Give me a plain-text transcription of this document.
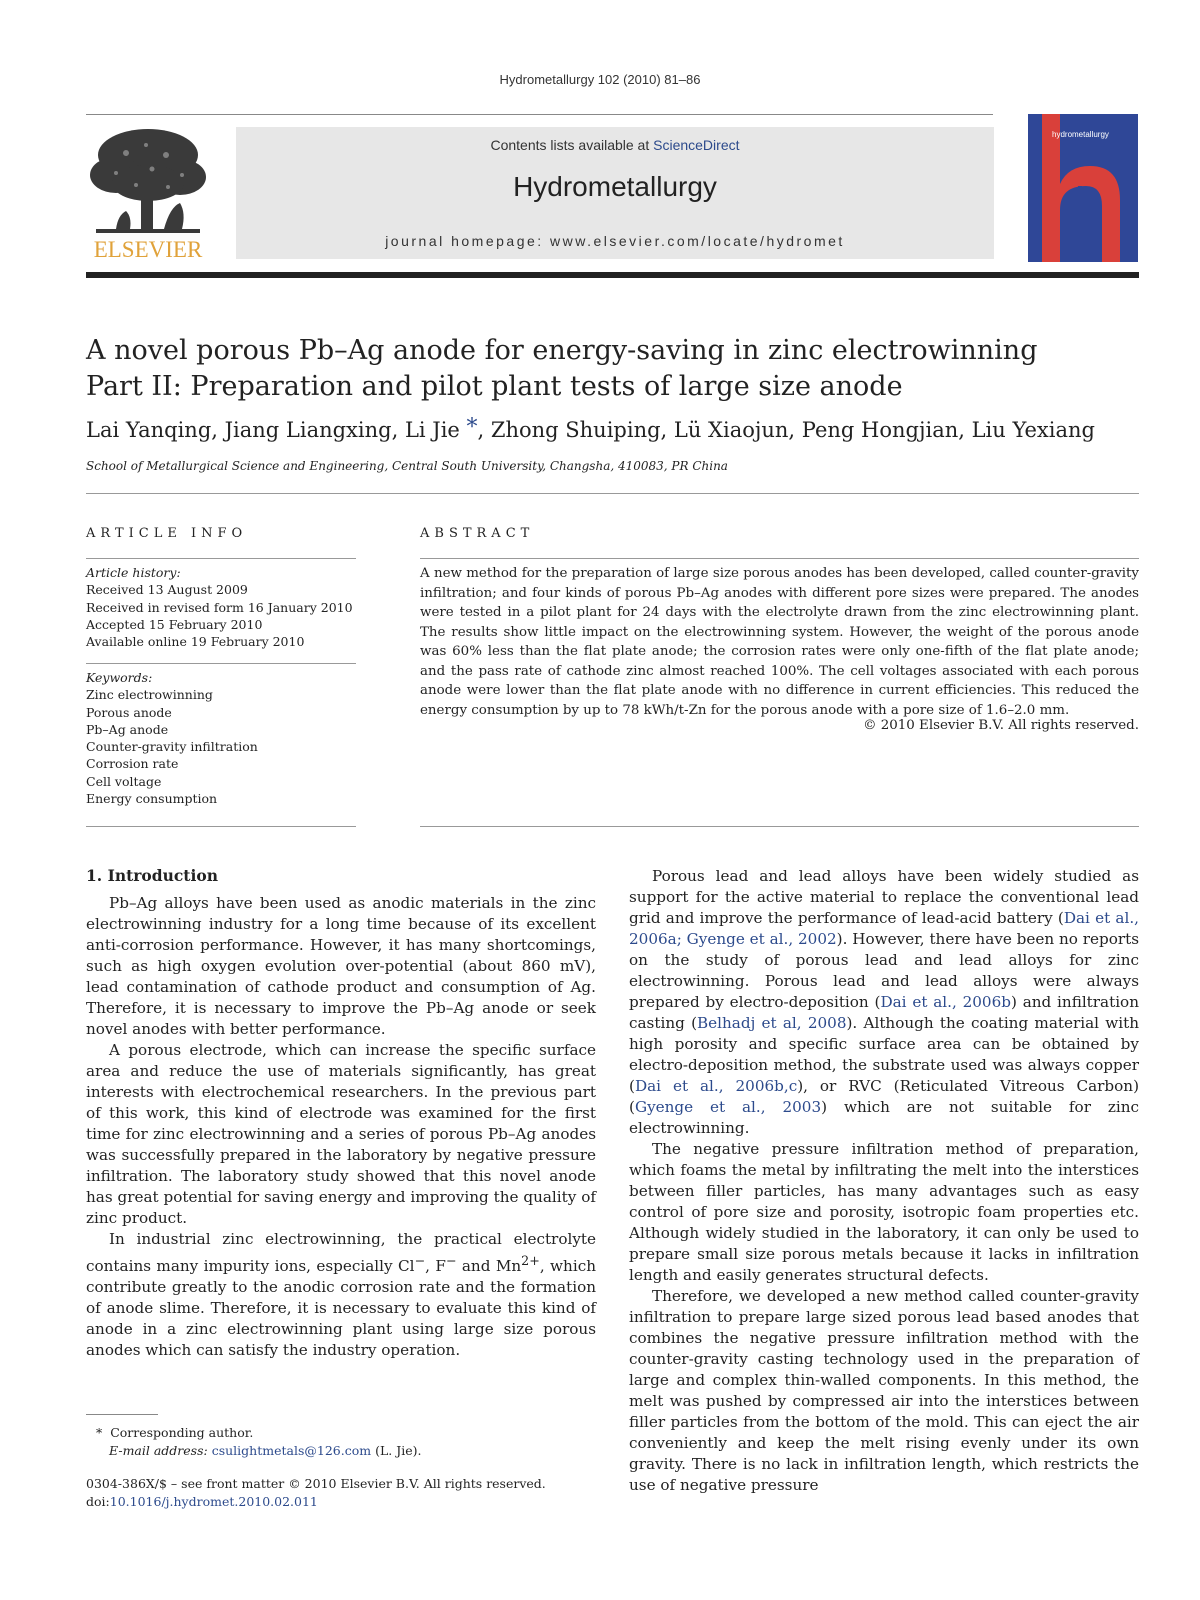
Hydrometallurgy 102 (2010) 81–86
ELSEVIER
Contents lists available at ScienceDirect
Hydrometallurgy
journal homepage: www.elsevier.com/locate/hydromet
hydrometallurgy
A novel porous Pb–Ag anode for energy-saving in zinc electrowinning
Part II: Preparation and pilot plant tests of large size anode
Lai Yanqing, Jiang Liangxing, Li Jie *, Zhong Shuiping, Lü Xiaojun, Peng Hongjian, Liu Yexiang
School of Metallurgical Science and Engineering, Central South University, Changsha, 410083, PR China
ARTICLE INFO	ABSTRACT
Article history:
Received 13 August 2009
Received in revised form 16 January 2010
Accepted 15 February 2010
Available online 19 February 2010
Keywords:
Zinc electrowinning
Porous anode
Pb–Ag anode
Counter-gravity infiltration
Corrosion rate
Cell voltage
Energy consumption
A new method for the preparation of large size porous anodes has been developed, called counter-gravity infiltration; and four kinds of porous Pb–Ag anodes with different pore sizes were prepared. The anodes were tested in a pilot plant for 24 days with the electrolyte drawn from the zinc electrowinning plant. The results show little impact on the electrowinning system. However, the weight of the porous anode was 60% less than the flat plate anode; the corrosion rates were only one-fifth of the flat plate anode; and the pass rate of cathode zinc almost reached 100%. The cell voltages associated with each porous anode were lower than the flat plate anode with no difference in current efficiencies. This reduced the energy consumption by up to 78 kWh/t-Zn for the porous anode with a pore size of 1.6–2.0 mm.
© 2010 Elsevier B.V. All rights reserved.
1. Introduction

Pb–Ag alloys have been used as anodic materials in the zinc electrowinning industry for a long time because of its excellent anti-corrosion performance. However, it has many shortcomings, such as high oxygen evolution over-potential (about 860 mV), lead contamination of cathode product and consumption of Ag. Therefore, it is necessary to improve the Pb–Ag anode or seek novel anodes with better performance.

A porous electrode, which can increase the specific surface area and reduce the use of materials significantly, has great interests with electrochemical researchers. In the previous part of this work, this kind of electrode was examined for the first time for zinc electrowinning and a series of porous Pb–Ag anodes was successfully prepared in the laboratory by negative pressure infiltration. The laboratory study showed that this novel anode has great potential for saving energy and improving the quality of zinc product.

In industrial zinc electrowinning, the practical electrolyte contains many impurity ions, especially Cl−, F− and $Mn^{2+}$, which contribute greatly to the anodic corrosion rate and the formation of anode slime. Therefore, it is necessary to evaluate this kind of anode in a zinc electrowinning plant using large size porous anodes which can satisfy the industry operation.

Porous lead and lead alloys have been widely studied as support for the active material to replace the conventional lead grid and improve the performance of lead-acid battery (Dai et al., 2006a; Gyenge et al., 2002). However, there have been no reports on the study of porous lead and lead alloys for zinc electrowinning. Porous lead and lead alloys were always prepared by electro-deposition (Dai et al., 2006b) and infiltration casting (Belhadj et al, 2008). Although the coating material with high porosity and specific surface area can be obtained by electro-deposition method, the substrate used was always copper (Dai et al., 2006b,c), or RVC (Reticulated Vitreous Carbon) (Gyenge et al., 2003) which are not suitable for zinc electrowinning.

The negative pressure infiltration method of preparation, which foams the metal by infiltrating the melt into the interstices between filler particles, has many advantages such as easy control of pore size and porosity, isotropic foam properties etc. Although widely studied in the laboratory, it can only be used to prepare small size porous metals because it lacks in infiltration length and easily generates structural defects.

Therefore, we developed a new method called counter-gravity infiltration to prepare large sized porous lead based anodes that combines the negative pressure infiltration method with the counter-gravity casting technology used in the preparation of large and complex thin-walled components. In this method, the melt was pushed by compressed air into the interstices between filler particles from the bottom of the mold. This can eject the air conveniently and keep the melt rising evenly under its own gravity. There is no lack in infiltration length, which restricts the use of negative pressure

* Corresponding author.
E-mail address: csulightmetals@126.com (L. Jie).
0304-386X/$ – see front matter © 2010 Elsevier B.V. All rights reserved.
doi:10.1016/j.hydromet.2010.02.011
